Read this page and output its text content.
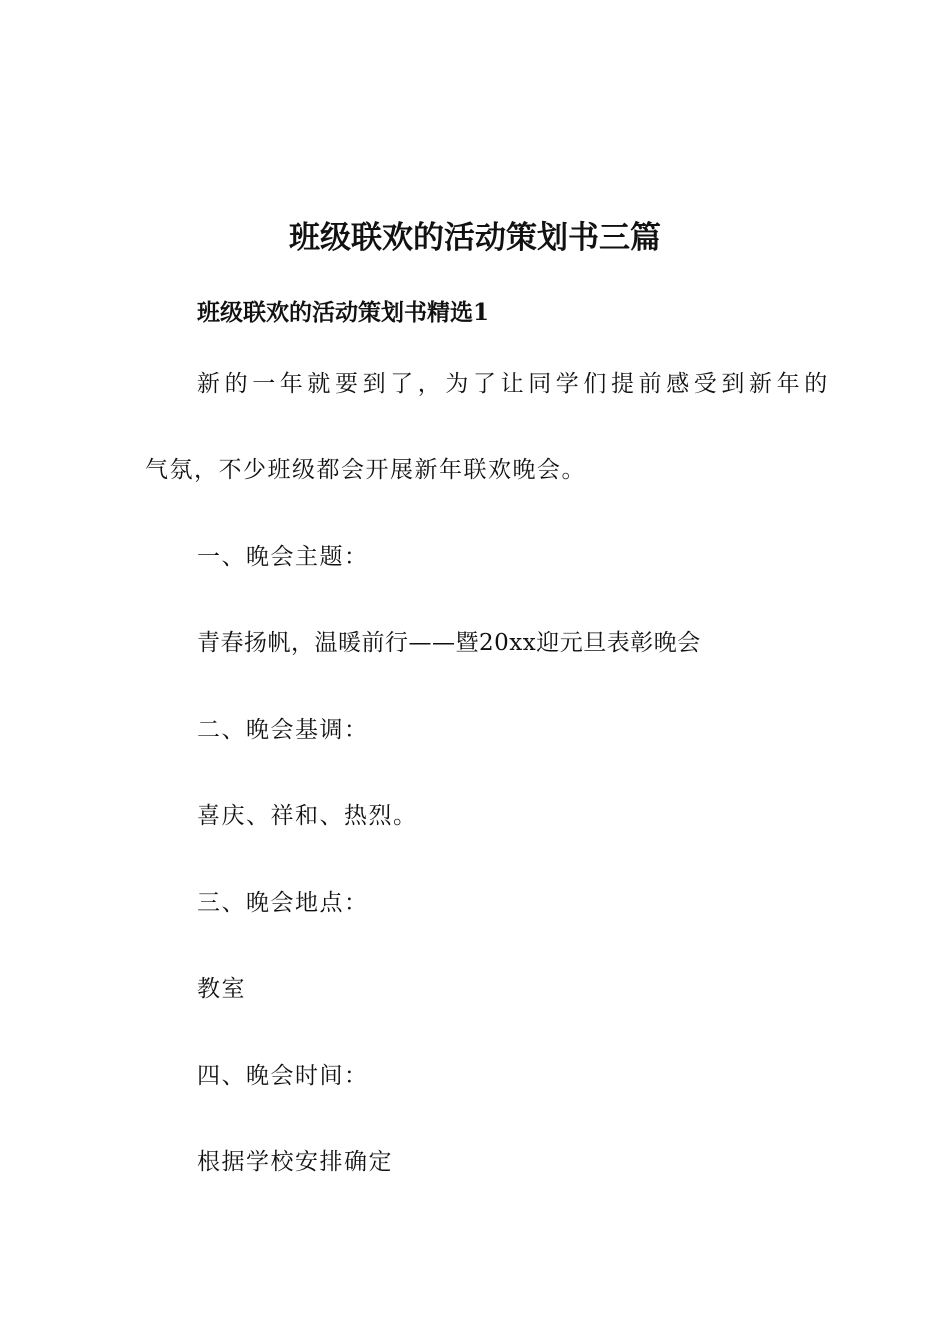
班级联欢的活动策划书三篇
班级联欢的活动策划书精选1
新的一年就要到了，为了让同学们提前感受到新年的
气氛，不少班级都会开展新年联欢晚会。
一、晚会主题：
青春扬帆，温暖前行——暨20xx迎元旦表彰晚会
二、晚会基调：
喜庆、祥和、热烈。
三、晚会地点：
教室
四、晚会时间：
根据学校安排确定
